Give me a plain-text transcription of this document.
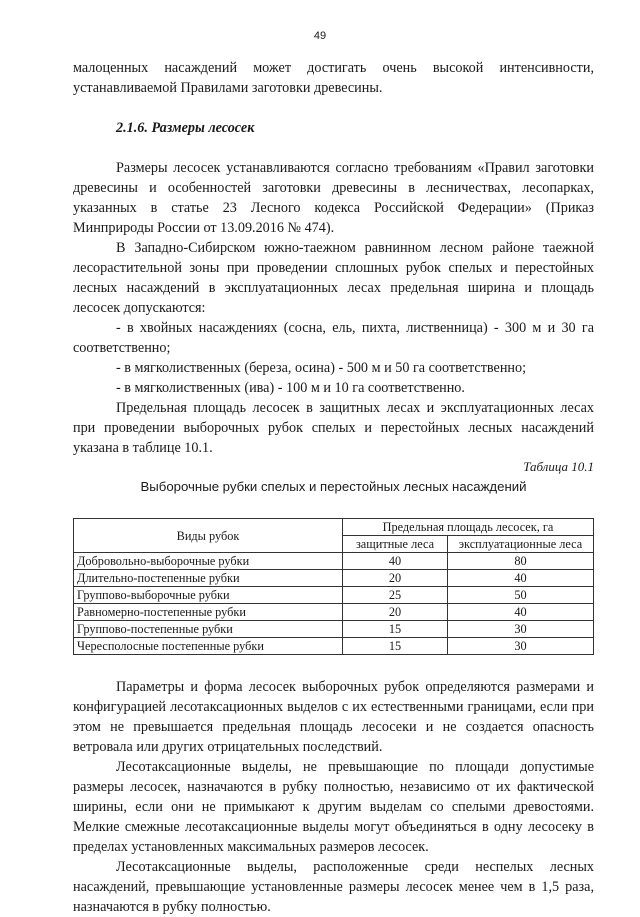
49

малоценных насаждений может достигать очень высокой интенсивности, устанавливаемой Правилами заготовки древесины.

2.1.6. Размеры лесосек

Размеры лесосек устанавливаются согласно требованиям «Правил заготовки древесины и особенностей заготовки древесины в лесничествах, лесопарках, указанных в статье 23 Лесного кодекса Российской Федерации» (Приказ Минприроды России от 13.09.2016 № 474).

В Западно-Сибирском южно-таежном равнинном лесном районе таежной лесорастительной зоны при проведении сплошных рубок спелых и перестойных лесных насаждений в эксплуатационных лесах предельная ширина и площадь лесосек допускаются:

- в хвойных насаждениях (сосна, ель, пихта, лиственница) - 300 м и 30 га соответственно;

- в мягколиственных (береза, осина) - 500 м и 50 га соответственно;

- в мягколиственных (ива) - 100 м и 10 га соответственно.

Предельная площадь лесосек в защитных лесах и эксплуатационных лесах при проведении выборочных рубок спелых и перестойных лесных насаждений указана в таблице 10.1.

Таблица 10.1
Выборочные рубки спелых и перестойных лесных насаждений
Виды рубок	Предельная площадь лесосек, га	
	защитные леса	эксплуатационные леса
Добровольно-выборочные рубки	40	80
Длительно-постепенные рубки	20	40
Группово-выборочные рубки	25	50
Равномерно-постепенные рубки	20	40
Группово-постепенные рубки	15	30
Чересполосные постепенные рубки	15	30

Параметры и форма лесосек выборочных рубок определяются размерами и конфигурацией лесотаксационных выделов с их естественными границами, если при этом не превышается предельная площадь лесосеки и не создается опасность ветровала или других отрицательных последствий.

Лесотаксационные выделы, не превышающие по площади допустимые размеры лесосек, назначаются в рубку полностью, независимо от их фактической ширины, если они не примыкают к другим выделам со спелыми древостоями. Мелкие смежные лесотаксационные выделы могут объединяться в одну лесосеку в пределах установленных максимальных размеров лесосек.

Лесотаксационные выделы, расположенные среди неспелых лесных насаждений, превышающие установленные размеры лесосек менее чем в 1,5 раза, назначаются в рубку полностью.
